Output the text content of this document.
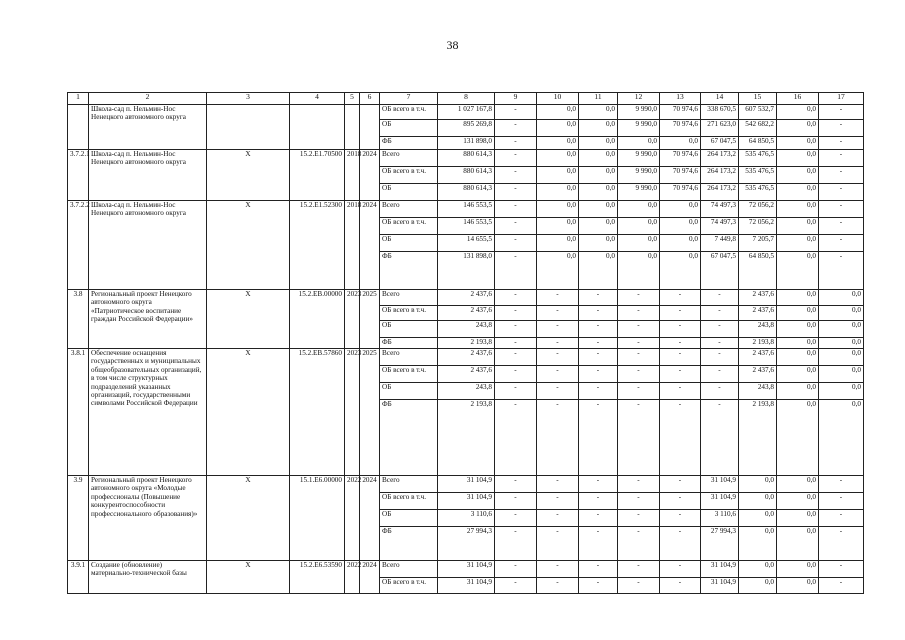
38
1	2	3	4	5	6	7	8	9	10	11	12	13	14	15	16	17
	Школа-сад п. Нельмин-Нос Ненецкого автономного округа					ОБ всего в т.ч.	1 027 167,8	-	0,0	0,0	9 990,0	70 974,6	338 670,5	607 532,7	0,0	-
						ОБ	895 269,8	-	0,0	0,0	9 990,0	70 974,6	271 623,0	542 682,2	0,0	-
						ФБ	131 898,0	-	0,0	0,0	0,0	0,0	67 047,5	64 850,5	0,0	-
3.7.2.1	Школа-сад п. Нельмин-Нос Ненецкого автономного округа	Х	15.2.Е1.70500	2018	2024	Всего	880 614,3	-	0,0	0,0	9 990,0	70 974,6	264 173,2	535 476,5	0,0	-
						ОБ всего в т.ч.	880 614,3	-	0,0	0,0	9 990,0	70 974,6	264 173,2	535 476,5	0,0	-
						ОБ	880 614,3	-	0,0	0,0	9 990,0	70 974,6	264 173,2	535 476,5	0,0	-
3.7.2.2	Школа-сад п. Нельмин-Нос Ненецкого автономного округа	Х	15.2.Е1.52300	2018	2024	Всего	146 553,5	-	0,0	0,0	0,0	0,0	74 497,3	72 056,2	0,0	-
						ОБ всего в т.ч.	146 553,5	-	0,0	0,0	0,0	0,0	74 497,3	72 056,2	0,0	-
						ОБ	14 655,5	-	0,0	0,0	0,0	0,0	7 449,8	7 205,7	0,0	-
						ФБ	131 898,0	-	0,0	0,0	0,0	0,0	67 047,5	64 850,5	0,0	-
3.8	Региональный проект Ненецкого автономного округа «Патриотическое воспитание граждан Российской Федерации»	Х	15.2.ЕВ.00000	2023	2025	Всего	2 437,6	-	-	-	-	-	-	2 437,6	0,0	0,0
						ОБ всего в т.ч.	2 437,6	-	-	-	-	-	-	2 437,6	0,0	0,0
						ОБ	243,8	-	-	-	-	-	-	243,8	0,0	0,0
						ФБ	2 193,8	-	-	-	-	-	-	2 193,8	0,0	0,0
3.8.1	Обеспечение оснащения государственных и муниципальных общеобразовательных организаций, в том числе структурных подразделений указанных организаций, государственными символами Российской Федерации	Х	15.2.ЕВ.57860	2023	2025	Всего	2 437,6	-	-	-	-	-	-	2 437,6	0,0	0,0
						ОБ всего в т.ч.	2 437,6	-	-	-	-	-	-	2 437,6	0,0	0,0
						ОБ	243,8	-	-	-	-	-	-	243,8	0,0	0,0
						ФБ	2 193,8	-	-	-	-	-	-	2 193,8	0,0	0,0
3.9	Региональный проект Ненецкого автономного округа «Молодые профессионалы (Повышение конкурентоспособности профессионального образования)»	Х	15.1.Е6.00000	2022	2024	Всего	31 104,9	-	-	-	-	-	31 104,9	0,0	0,0	-
						ОБ всего в т.ч.	31 104,9	-	-	-	-	-	31 104,9	0,0	0,0	-
						ОБ	3 110,6	-	-	-	-	-	3 110,6	0,0	0,0	-
						ФБ	27 994,3	-	-	-	-	-	27 994,3	0,0	0,0	-
3.9.1	Создание (обновление) материально-технической базы	Х	15.2.Е6.53590	2022	2024	Всего	31 104,9	-	-	-	-	-	31 104,9	0,0	0,0	-
						ОБ всего в т.ч.	31 104,9	-	-	-	-	-	31 104,9	0,0	0,0	-
